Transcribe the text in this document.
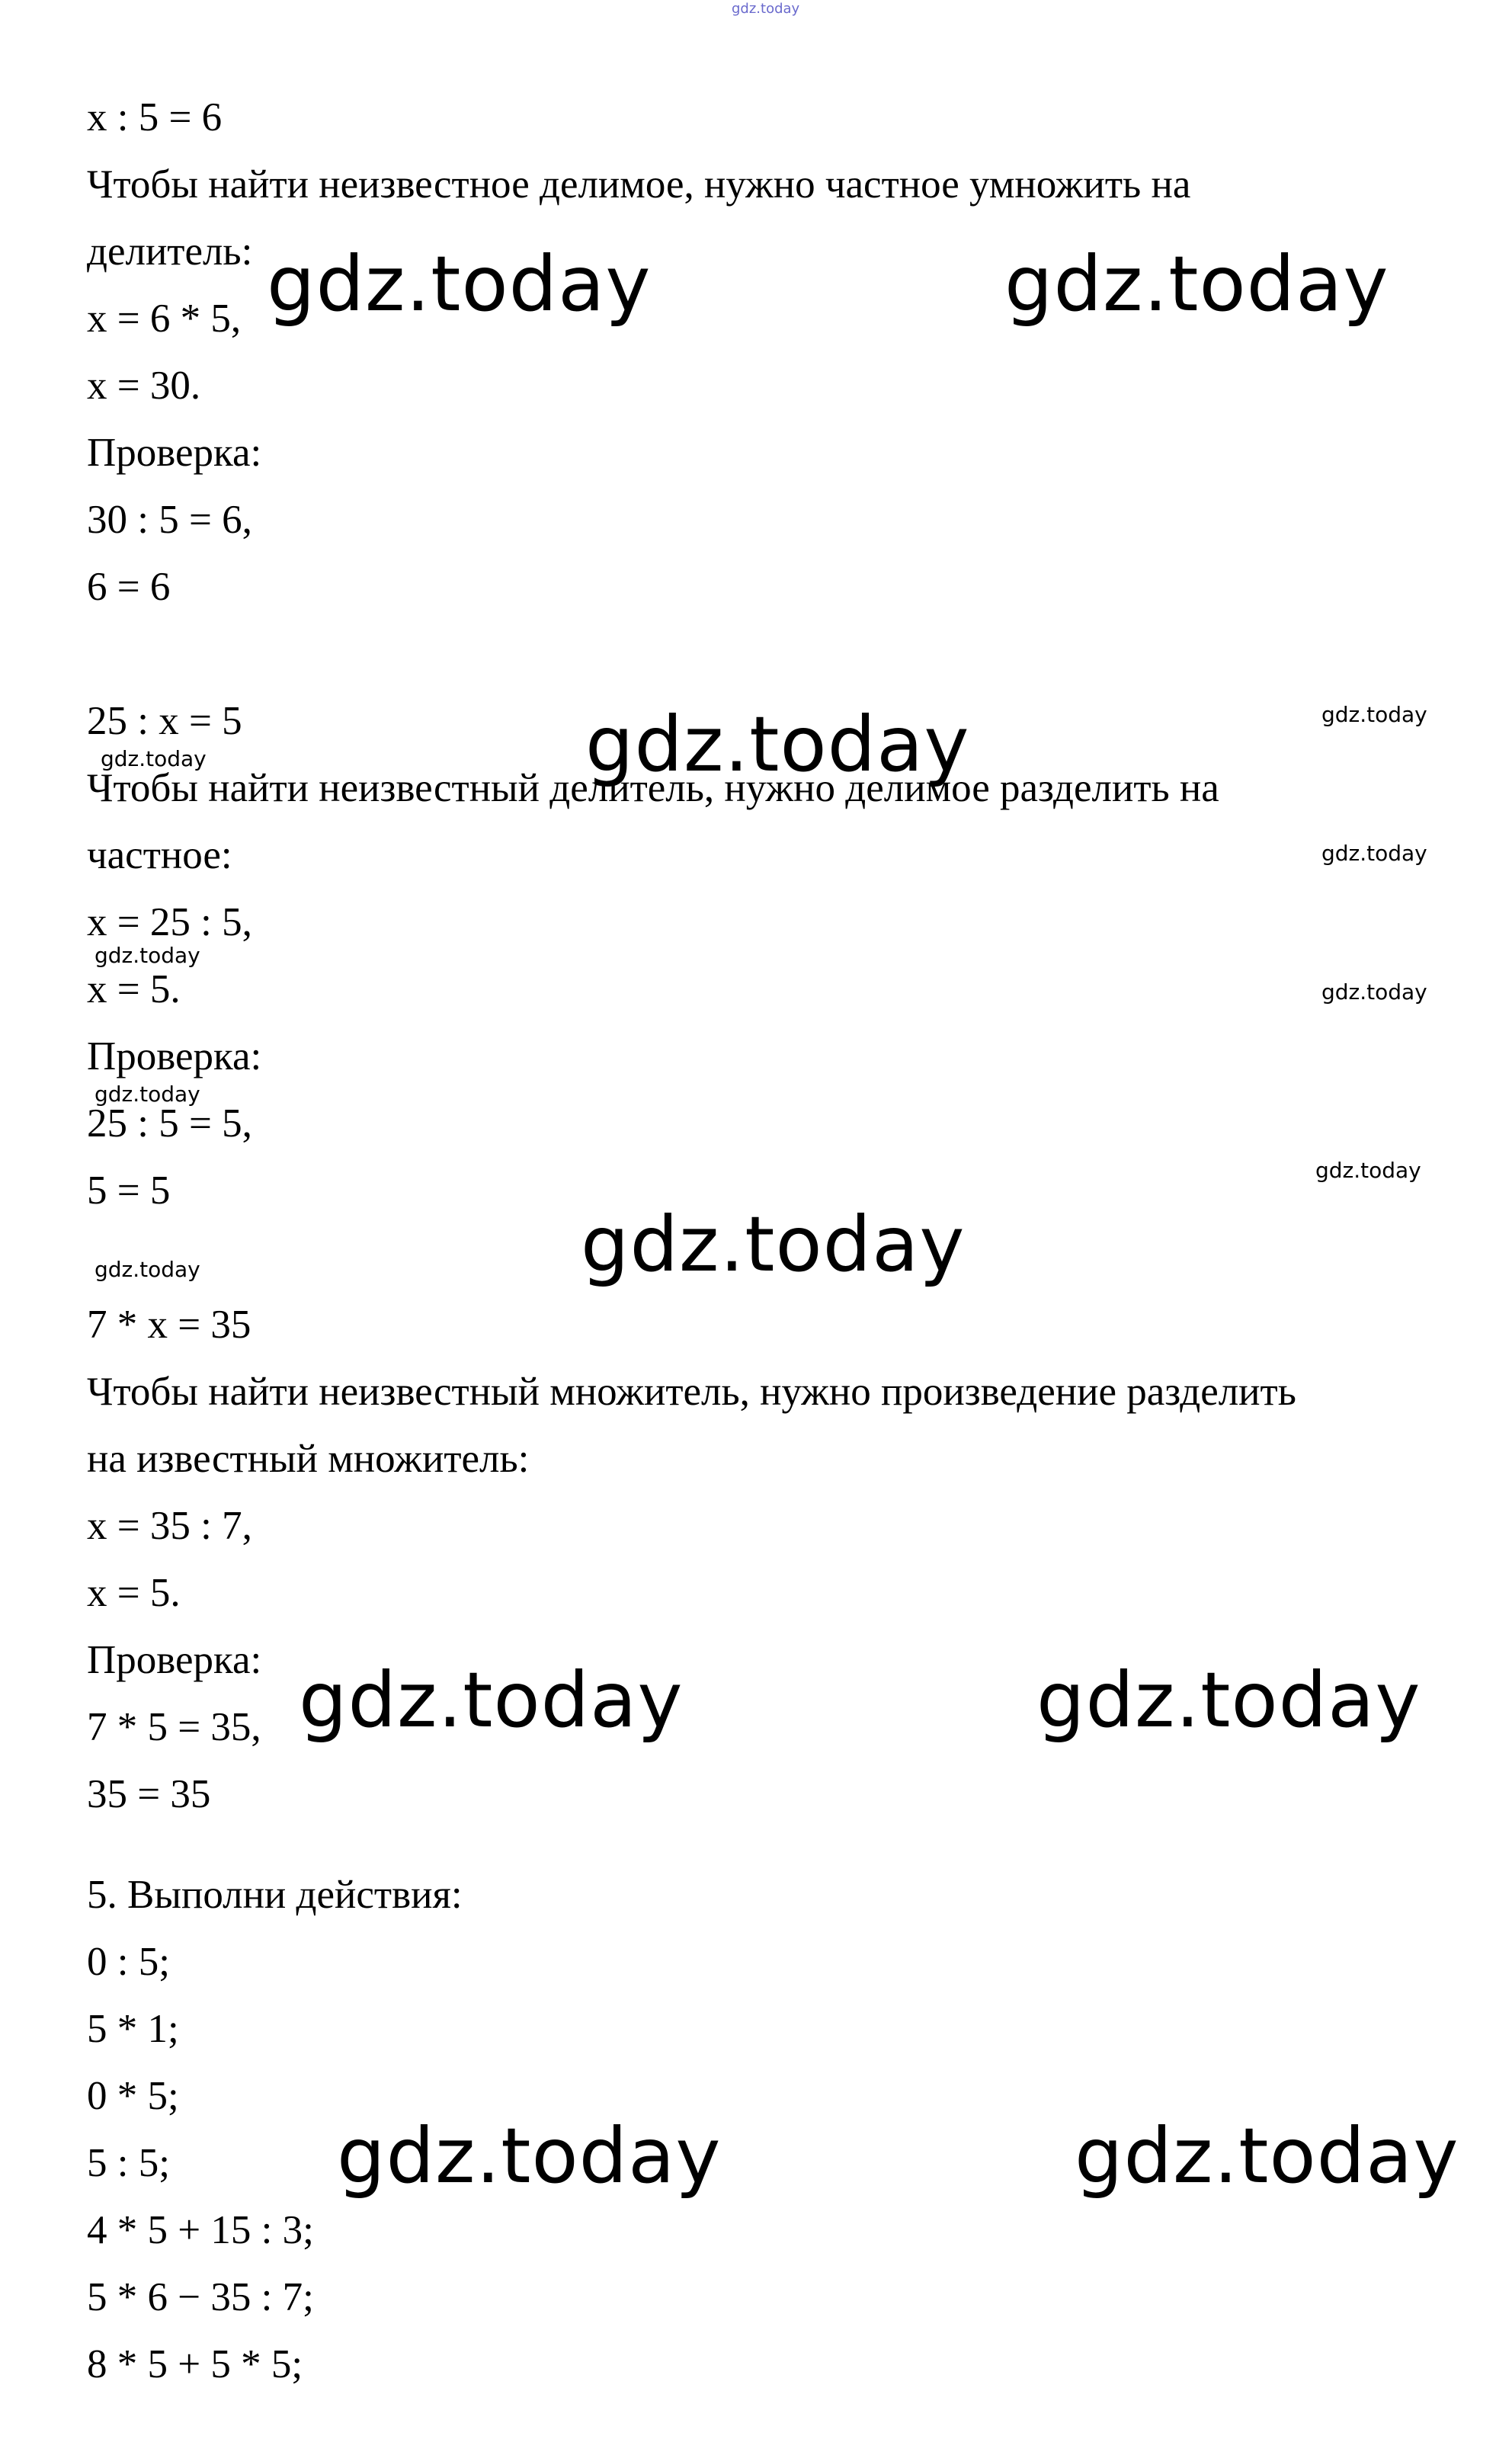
gdz.today
x : 5 = 6
Чтобы найти неизвестное делимое, нужно частное умножить на
делитель:
x = 6 * 5,
x = 30.
Проверка:
30 : 5 = 6,
6 = 6
25 : x = 5
Чтобы найти неизвестный делитель, нужно делимое разделить на
частное:
x = 25 : 5,
x = 5.
Проверка:
25 : 5 = 5,
5 = 5
7 * x = 35
Чтобы найти неизвестный множитель, нужно произведение разделить
на известный множитель:
x = 35 : 7,
x = 5.
Проверка:
7 * 5 = 35,
35 = 35
5. Выполни действия:
0 : 5;
5 * 1;
0 * 5;
5 : 5;
4 * 5 + 15 : 3;
5 * 6 − 35 : 7;
8 * 5 + 5 * 5;
gdz.today	gdz.today
gdz.today
gdz.today
gdz.today	gdz.today
gdz.today	gdz.today
gdz.today
gdz.today
gdz.today
gdz.today
gdz.today
gdz.today
gdz.today
gdz.today
